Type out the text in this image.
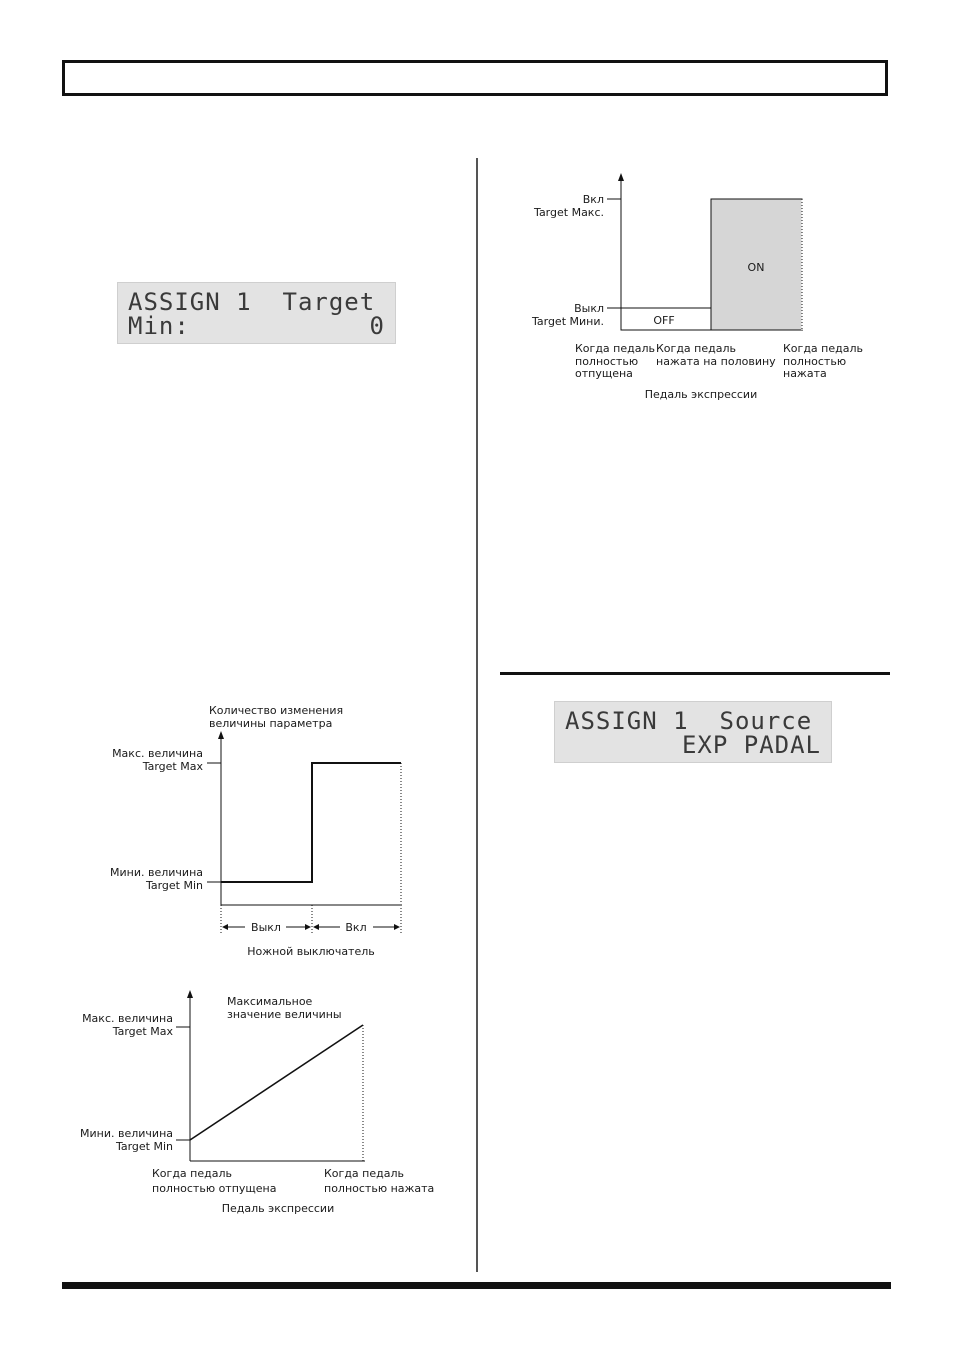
ASSIGN 1  Target
Min:	0
ASSIGN 1  Source
EXP PADAL
Количество изменения
величины параметра
Макс. величина
Target Max
Мини. величина
Target Min
Выкл	Вкл
Ножной выключатель
Макс. величина
Target Max
Мини. величина
Target Min
Максимальное
значение величины
Когда педаль
полностью отпущена
Когда педаль
полностью нажата
Педаль экспрессии
ON
OFF
Вкл
Target Макс.
Выкл
Target Мини.
Когда педаль
полностью
отпущена
Когда педаль
нажата на половину
Когда педаль
полностью
нажата
Педаль экспрессии
